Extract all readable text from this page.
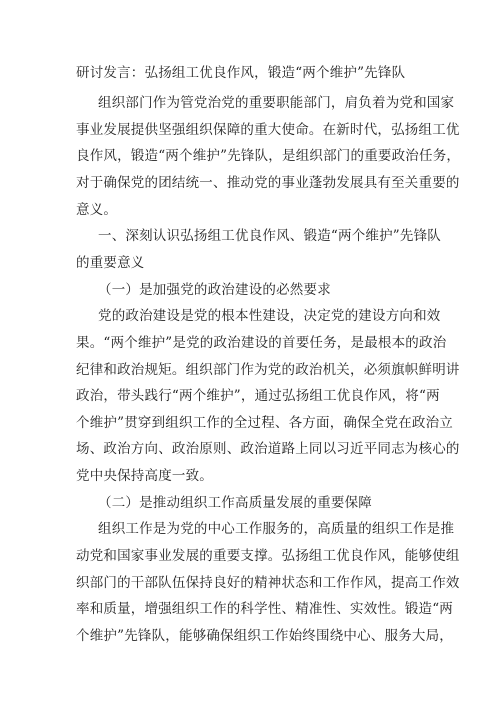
研讨发言：弘扬组工优良作风，锻造“两个维护”先锋队
组织部门作为管党治党的重要职能部门，肩负着为党和国家
事业发展提供坚强组织保障的重大使命。在新时代，弘扬组工优
良作风，锻造“两个维护”先锋队，是组织部门的重要政治任务，
对于确保党的团结统一、推动党的事业蓬勃发展具有至关重要的
意义。
一、深刻认识弘扬组工优良作风、锻造“两个维护”先锋队
的重要意义
（一）是加强党的政治建设的必然要求
党的政治建设是党的根本性建设，决定党的建设方向和效
果。“两个维护”是党的政治建设的首要任务，是最根本的政治
纪律和政治规矩。组织部门作为党的政治机关，必须旗帜鲜明讲
政治，带头践行“两个维护”，通过弘扬组工优良作风，将“两
个维护”贯穿到组织工作的全过程、各方面，确保全党在政治立
场、政治方向、政治原则、政治道路上同以习近平同志为核心的
党中央保持高度一致。
（二）是推动组织工作高质量发展的重要保障
组织工作是为党的中心工作服务的，高质量的组织工作是推
动党和国家事业发展的重要支撑。弘扬组工优良作风，能够使组
织部门的干部队伍保持良好的精神状态和工作作风，提高工作效
率和质量，增强组织工作的科学性、精准性、实效性。锻造“两
个维护”先锋队，能够确保组织工作始终围绕中心、服务大局，
